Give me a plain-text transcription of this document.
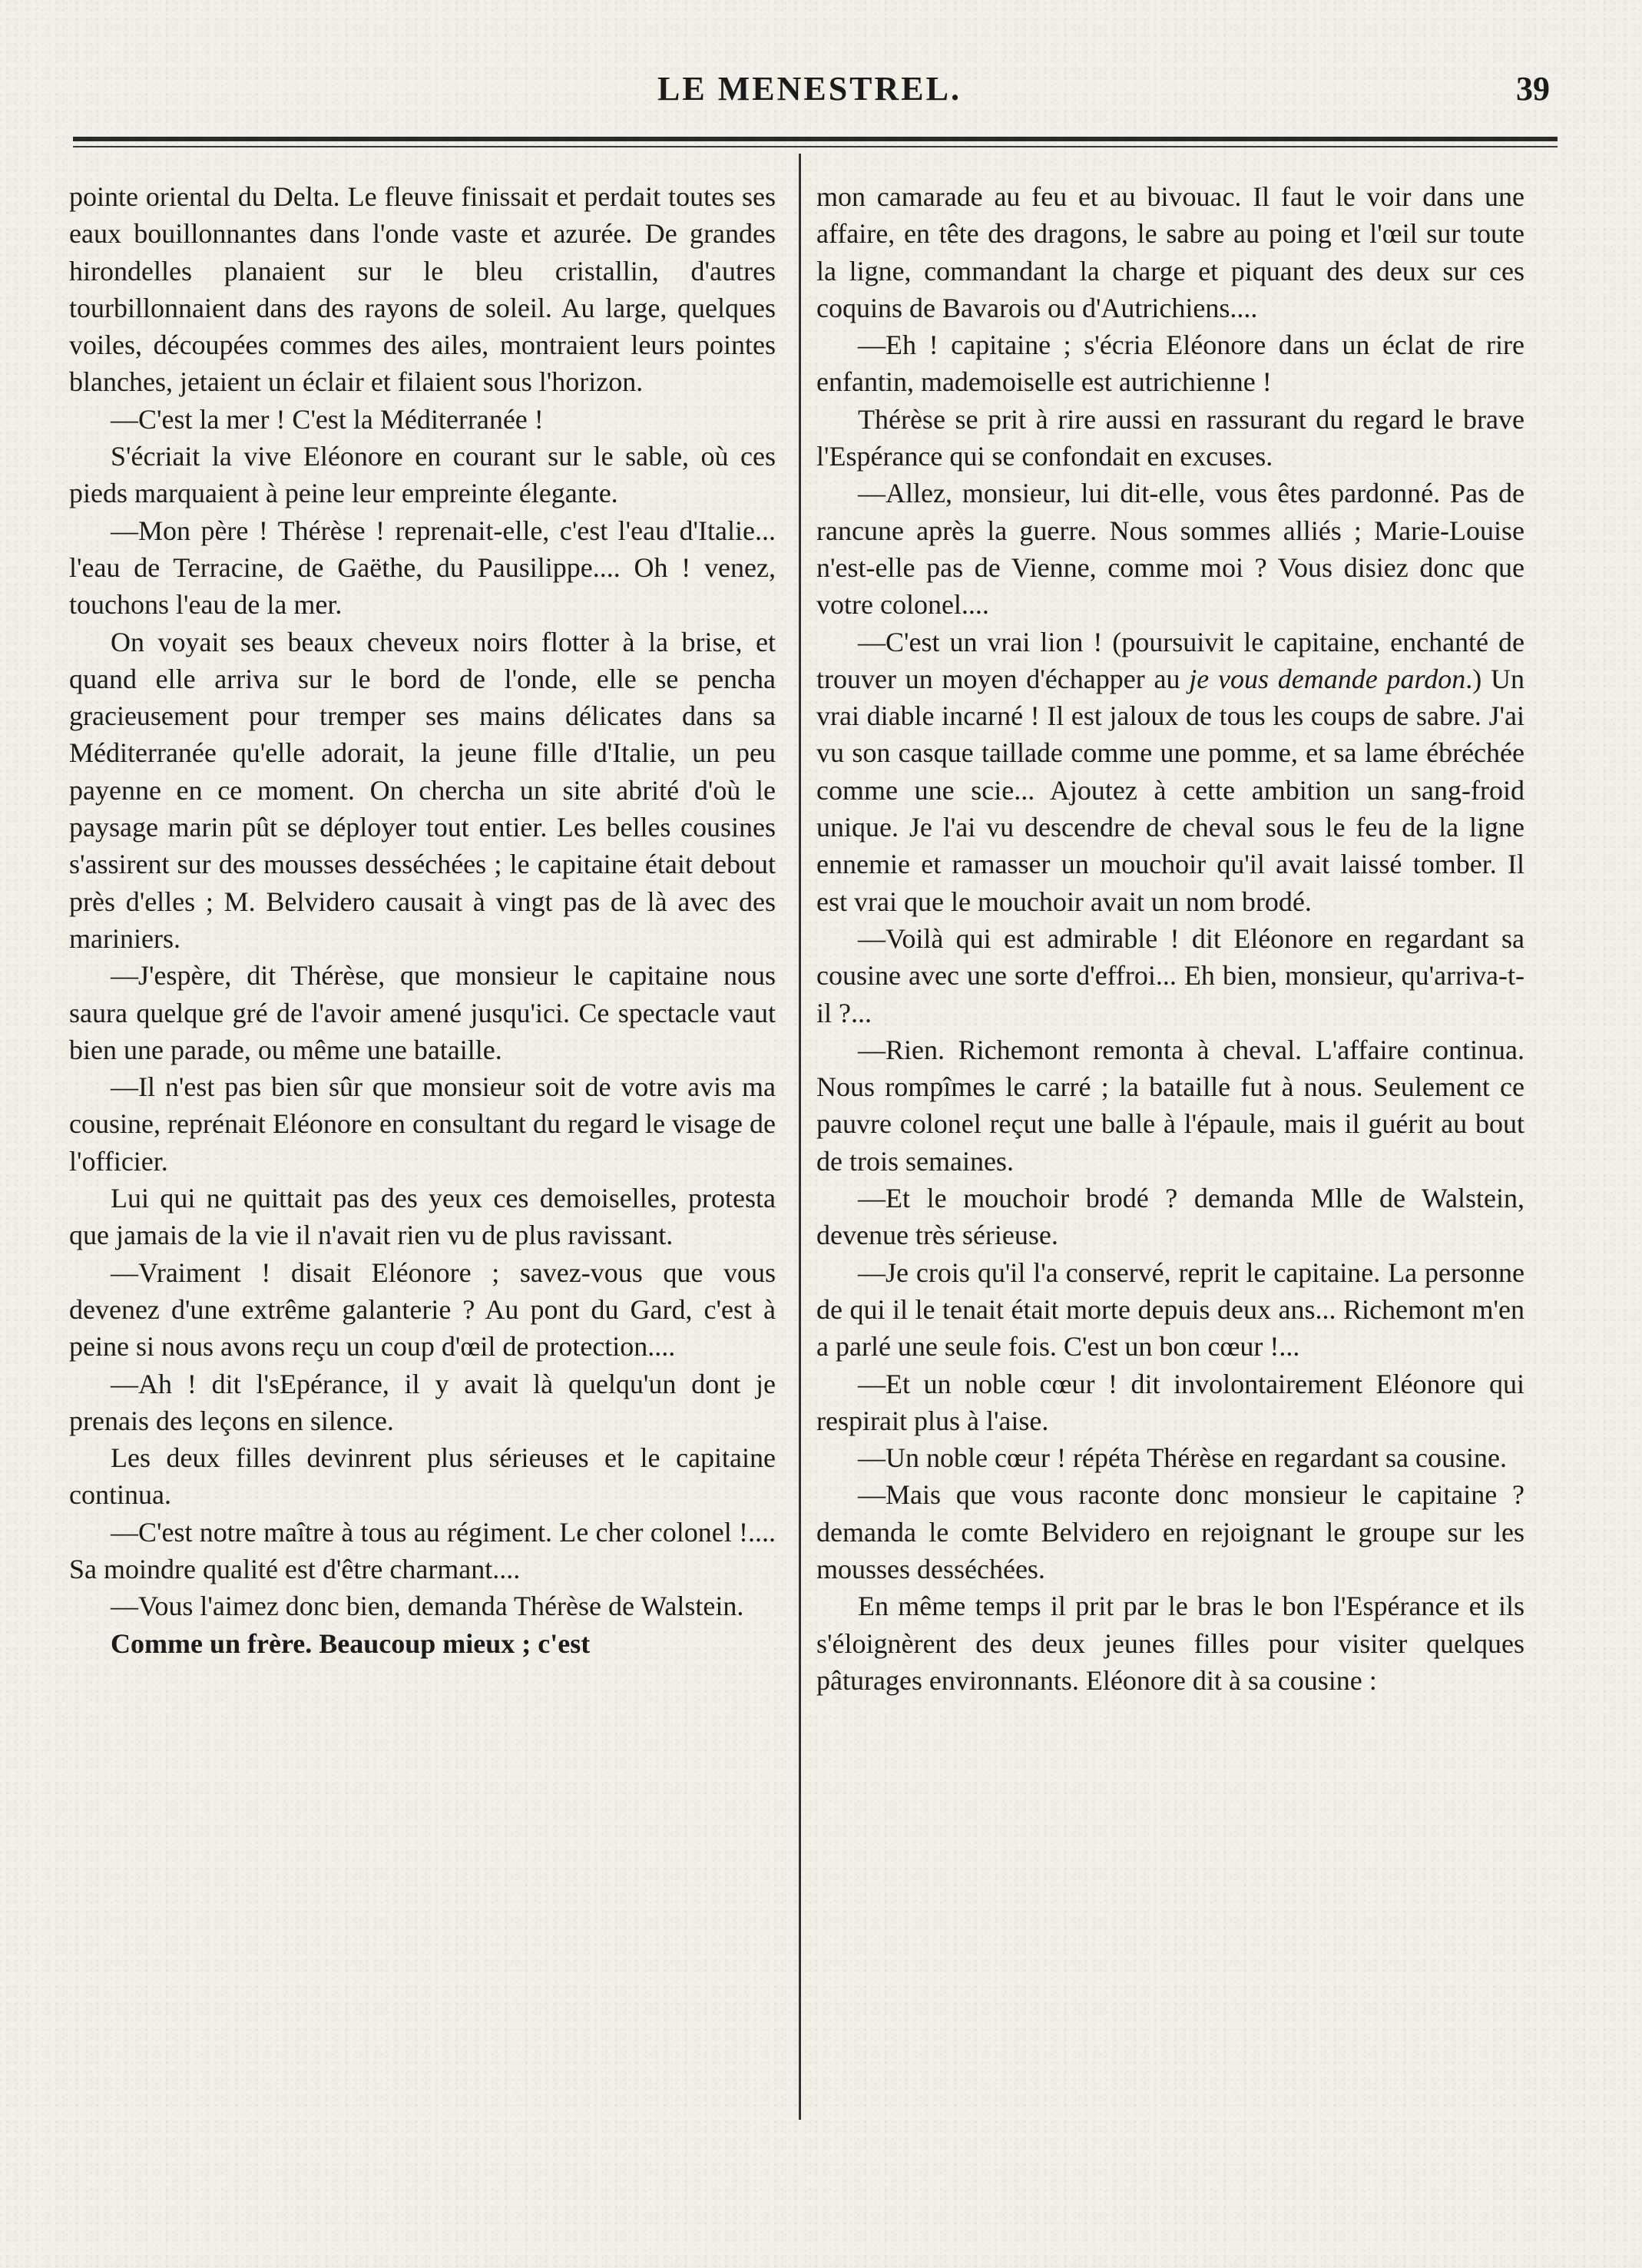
LE MENESTREL.	39

pointe oriental du Delta. Le fleuve finissait et perdait toutes ses eaux bouillonnantes dans l'onde vaste et azurée. De grandes hirondelles planaient sur le bleu cristallin, d'autres tourbillonnaient dans des rayons de soleil. Au large, quelques voiles, découpées commes des ailes, montraient leurs pointes blanches, jetaient un éclair et filaient sous l'horizon.

—C'est la mer ! C'est la Méditerranée !

S'écriait la vive Eléonore en courant sur le sable, où ces pieds marquaient à peine leur empreinte élegante.

—Mon père ! Thérèse ! reprenait-elle, c'est l'eau d'Italie... l'eau de Terracine, de Gaëthe, du Pausilippe.... Oh ! venez, touchons l'eau de la mer.

On voyait ses beaux cheveux noirs flotter à la brise, et quand elle arriva sur le bord de l'onde, elle se pencha gracieusement pour tremper ses mains délicates dans sa Méditerranée qu'elle adorait, la jeune fille d'Italie, un peu payenne en ce moment. On chercha un site abrité d'où le paysage marin pût se déployer tout entier. Les belles cousines s'assirent sur des mousses desséchées ; le capitaine était debout près d'elles ; M. Belvidero causait à vingt pas de là avec des mariniers.

—J'espère, dit Thérèse, que monsieur le capitaine nous saura quelque gré de l'avoir amené jusqu'ici. Ce spectacle vaut bien une parade, ou même une bataille.

—Il n'est pas bien sûr que monsieur soit de votre avis ma cousine, reprénait Eléonore en consultant du regard le visage de l'officier.

Lui qui ne quittait pas des yeux ces demoiselles, protesta que jamais de la vie il n'avait rien vu de plus ravissant.

—Vraiment ! disait Eléonore ; savez-vous que vous devenez d'une extrême galanterie ? Au pont du Gard, c'est à peine si nous avons reçu un coup d'œil de protection....

—Ah ! dit l'sEpérance, il y avait là quelqu'un dont je prenais des leçons en silence.

Les deux filles devinrent plus sérieuses et le capitaine continua.

—C'est notre maître à tous au régiment. Le cher colonel !.... Sa moindre qualité est d'être charmant....

—Vous l'aimez donc bien, demanda Thérèse de Walstein.

Comme un frère. Beaucoup mieux ; c'est

mon camarade au feu et au bivouac. Il faut le voir dans une affaire, en tête des dragons, le sabre au poing et l'œil sur toute la ligne, commandant la charge et piquant des deux sur ces coquins de Bavarois ou d'Autrichiens....

—Eh ! capitaine ; s'écria Eléonore dans un éclat de rire enfantin, mademoiselle est autrichienne !

Thérèse se prit à rire aussi en rassurant du regard le brave l'Espérance qui se confondait en excuses.

—Allez, monsieur, lui dit-elle, vous êtes pardonné. Pas de rancune après la guerre. Nous sommes alliés ; Marie-Louise n'est-elle pas de Vienne, comme moi ? Vous disiez donc que votre colonel....

—C'est un vrai lion ! (poursuivit le capitaine, enchanté de trouver un moyen d'échapper au je vous demande pardon.) Un vrai diable incarné ! Il est jaloux de tous les coups de sabre. J'ai vu son casque taillade comme une pomme, et sa lame ébréchée comme une scie... Ajoutez à cette ambition un sang-froid unique. Je l'ai vu descendre de cheval sous le feu de la ligne ennemie et ramasser un mouchoir qu'il avait laissé tomber. Il est vrai que le mouchoir avait un nom brodé.

—Voilà qui est admirable ! dit Eléonore en regardant sa cousine avec une sorte d'effroi... Eh bien, monsieur, qu'arriva-t-il ?...

—Rien. Richemont remonta à cheval. L'affaire continua. Nous rompîmes le carré ; la bataille fut à nous. Seulement ce pauvre colonel reçut une balle à l'épaule, mais il guérit au bout de trois semaines.

—Et le mouchoir brodé ? demanda Mlle de Walstein, devenue très sérieuse.

—Je crois qu'il l'a conservé, reprit le capitaine. La personne de qui il le tenait était morte depuis deux ans... Richemont m'en a parlé une seule fois. C'est un bon cœur !...

—Et un noble cœur ! dit involontairement Eléonore qui respirait plus à l'aise.

—Un noble cœur ! répéta Thérèse en regardant sa cousine.

—Mais que vous raconte donc monsieur le capitaine ? demanda le comte Belvidero en rejoignant le groupe sur les mousses desséchées.

En même temps il prit par le bras le bon l'Espérance et ils s'éloignèrent des deux jeunes filles pour visiter quelques pâturages environnants. Eléonore dit à sa cousine :
